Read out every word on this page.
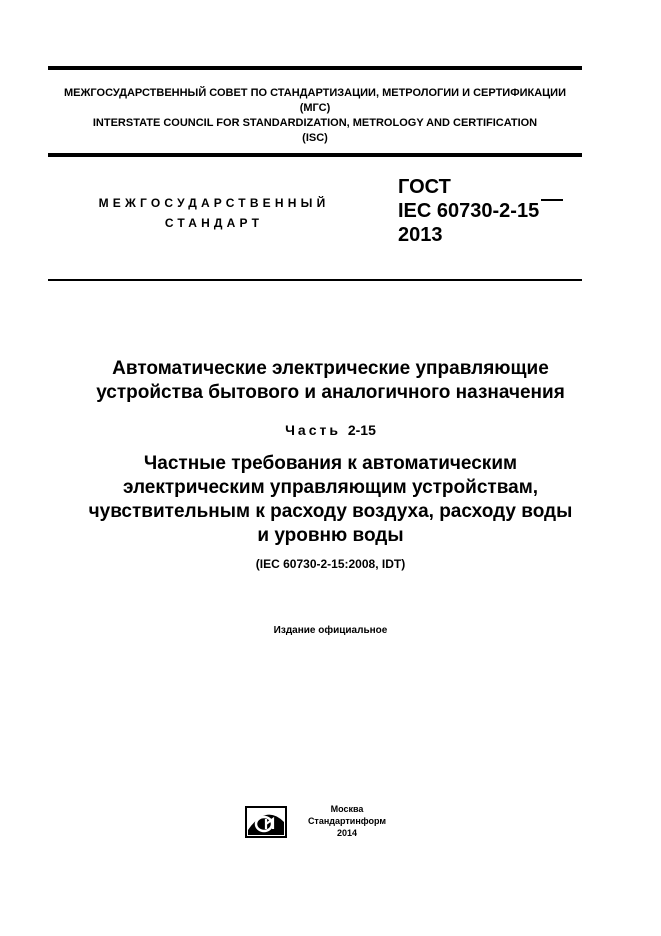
МЕЖГОСУДАРСТВЕННЫЙ СОВЕТ ПО СТАНДАРТИЗАЦИИ, МЕТРОЛОГИИ И СЕРТИФИКАЦИИ
(МГС)
INTERSTATE COUNCIL FOR STANDARDIZATION, METROLOGY AND CERTIFICATION
(ISC)
МЕЖГОСУДАРСТВЕННЫЙ
СТАНДАРТ
ГОСТ
IEC 60730-2-15
2013
Автоматические электрические управляющие
устройства бытового и аналогичного назначения
Часть 2-15
Частные требования к автоматическим
электрическим управляющим устройствам,
чувствительным к расходу воздуха, расходу воды
и уровню воды
(IEC 60730-2-15:2008, IDT)
Издание официальное
Москва
Стандартинформ
2014
